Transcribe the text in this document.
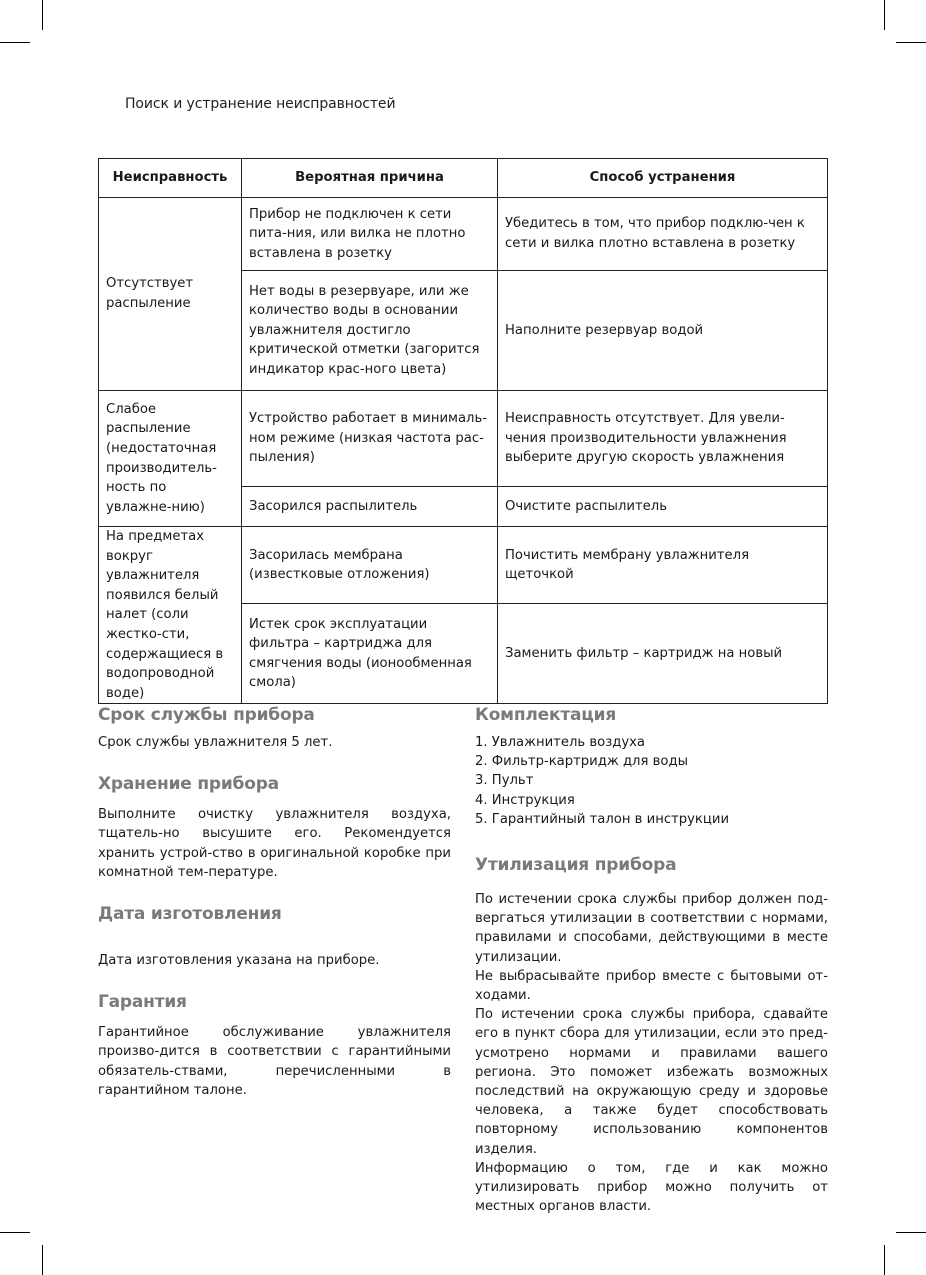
Поиск и устранение неисправностей
Неисправность	Вероятная причина	Способ устранения
Отсутствует распыление	Прибор не подключен к сети пита-ния, или вилка не плотно вставлена в розетку	Убедитесь в том, что прибор подклю-чен к сети и вилка плотно вставлена в розетку
	Нет воды в резервуаре, или же количество воды в основании увлажнителя достигло критической отметки (загорится индикатор крас-ного цвета)	Наполните резервуар водой
Слабое распыление (недостаточная производитель-ность по увлажне-нию)	Устройство работает в минималь-ном режиме (низкая частота рас-пыления)	Неисправность отсутствует. Для увели-чения производительности увлажнения выберите другую скорость увлажнения
	Засорился распылитель	Очистите распылитель
На предметах вокруг увлажнителя появился белый налет (соли жестко-сти, содержащиеся в водопроводной воде)	Засорилась мембрана (известковые отложения)	Почистить мембрану увлажнителя щеточкой
	Истек срок эксплуатации фильтра – картриджа для смягчения воды (ионообменная смола)	Заменить фильтр – картридж на новый
Срок службы прибора

Срок службы увлажнителя 5 лет.

Хранение прибора

Выполните очистку увлажнителя воздуха, тщатель-но высушите его. Рекомендуется хранить устрой-ство в оригинальной коробке при комнатной тем-пературе.

Дата изготовления

Дата изготовления указана на приборе.

Гарантия

Гарантийное обслуживание увлажнителя произво-дится в соответствии с гарантийными обязатель-ствами, перечисленными в гарантийном талоне.

Комплектация

1. Увлажнитель воздуха

2. Фильтр-картридж для воды

3. Пульт

4. Инструкция

5. Гарантийный талон в инструкции

Утилизация прибора

По истечении срока службы прибор должен под-вергаться утилизации в соответствии с нормами, правилами и способами, действующими в месте утилизации.

Не выбрасывайте прибор вместе с бытовыми от-ходами.

По истечении срока службы прибора, сдавайте его в пункт сбора для утилизации, если это пред-усмотрено нормами и правилами вашего региона. Это поможет избежать возможных последствий на окружающую среду и здоровье человека, а также будет способствовать повторному использованию компонентов изделия.

Информацию о том, где и как можно утилизировать прибор можно получить от местных органов власти.
